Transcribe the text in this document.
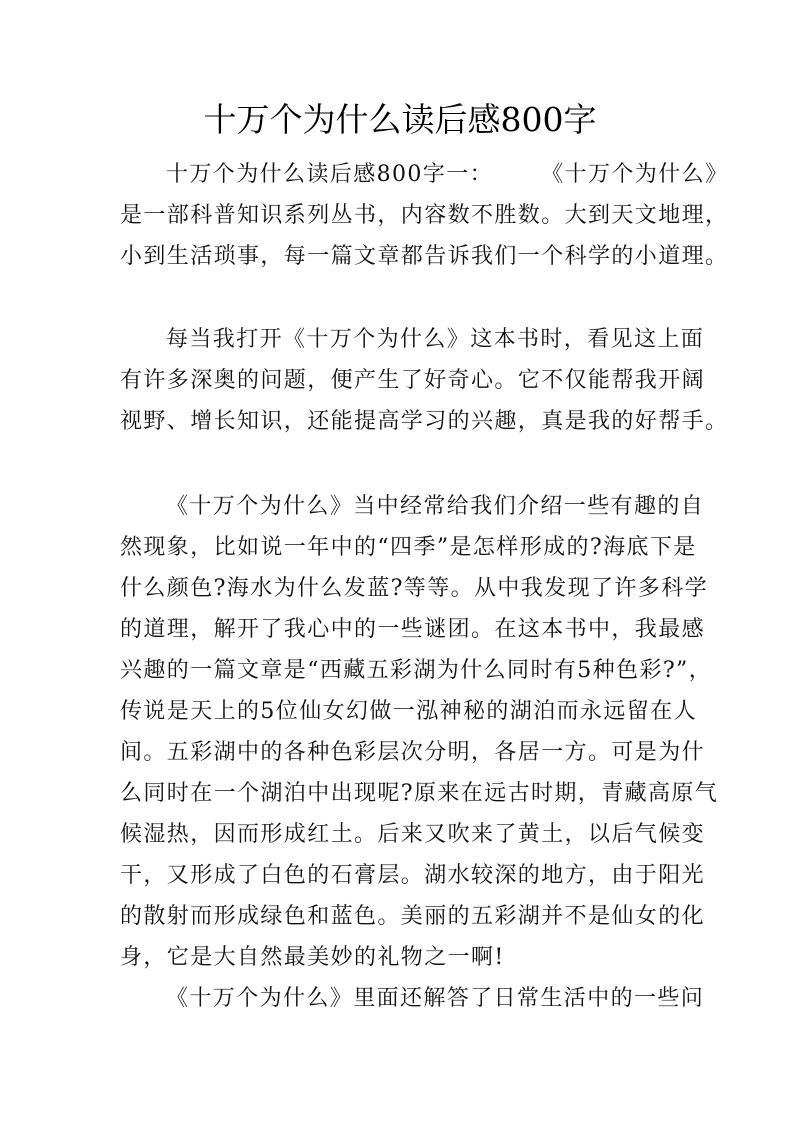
十万个为什么读后感800字
十万个为什么读后感800字一：　　　《十万个为什么》
是一部科普知识系列丛书，内容数不胜数。大到天文地理，
小到生活琐事，每一篇文章都告诉我们一个科学的小道理。
每当我打开《十万个为什么》这本书时，看见这上面
有许多深奥的问题，便产生了好奇心。它不仅能帮我开阔
视野、增长知识，还能提高学习的兴趣，真是我的好帮手。
《十万个为什么》当中经常给我们介绍一些有趣的自
然现象，比如说一年中的“四季”是怎样形成的?海底下是
什么颜色?海水为什么发蓝?等等。从中我发现了许多科学
的道理，解开了我心中的一些谜团。在这本书中，我最感
兴趣的一篇文章是“西藏五彩湖为什么同时有5种色彩?”，
传说是天上的5位仙女幻做一泓神秘的湖泊而永远留在人
间。五彩湖中的各种色彩层次分明，各居一方。可是为什
么同时在一个湖泊中出现呢?原来在远古时期，青藏高原气
候湿热，因而形成红土。后来又吹来了黄土，以后气候变
干，又形成了白色的石膏层。湖水较深的地方，由于阳光
的散射而形成绿色和蓝色。美丽的五彩湖并不是仙女的化
身，它是大自然最美妙的礼物之一啊!
《十万个为什么》里面还解答了日常生活中的一些问
